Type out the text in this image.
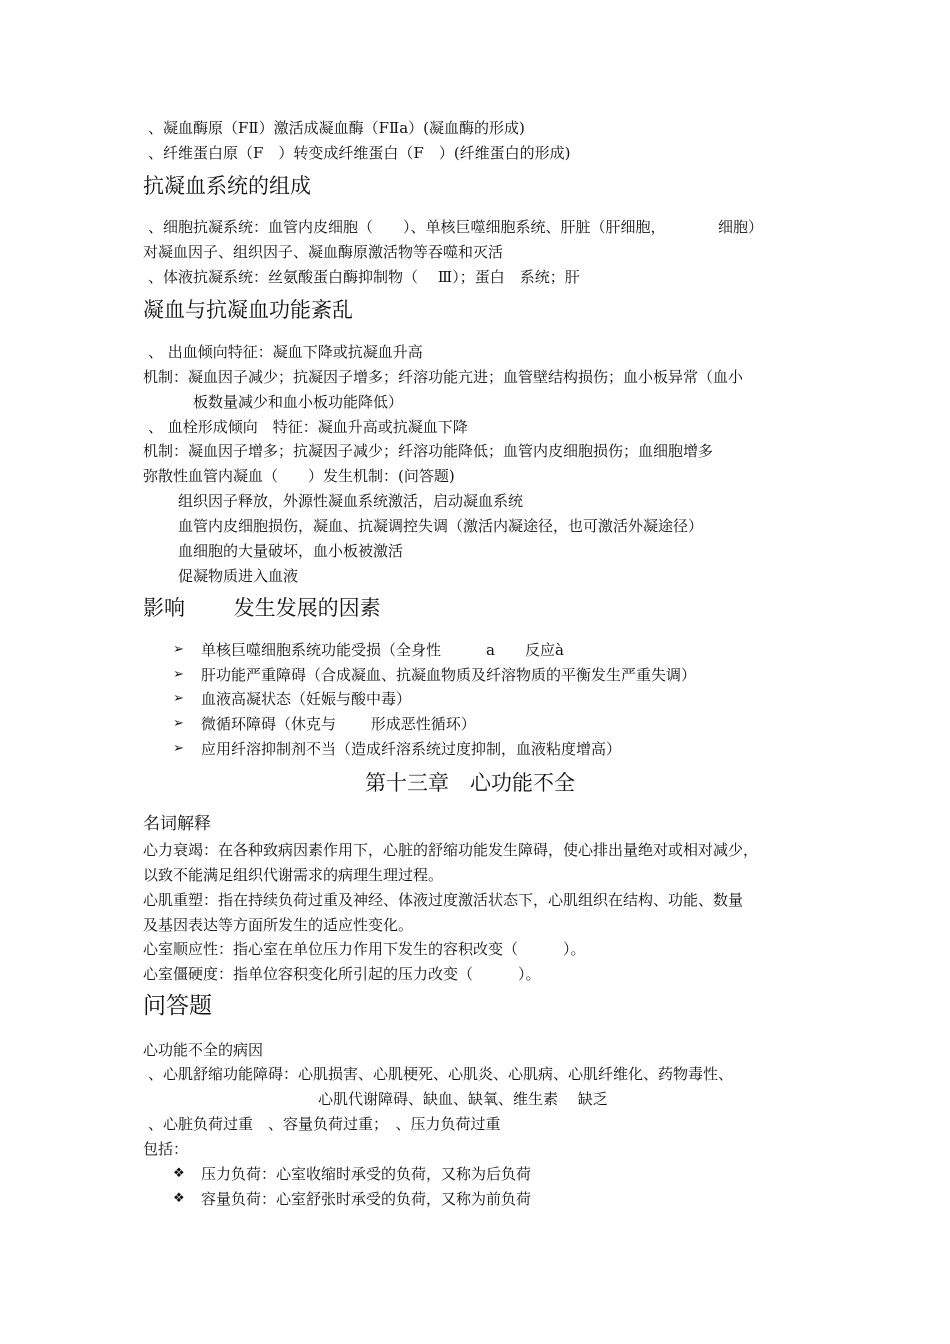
、凝血酶原（FⅡ）激活成凝血酶（FⅡa）(凝血酶的形成)
、纤维蛋白原（F　）转变成纤维蛋白（F　）(纤维蛋白的形成)
抗凝血系统的组成
、细胞抗凝系统：血管内皮细胞（　　）、单核巨噬细胞系统、肝脏（肝细胞，　　　　细胞）
对凝血因子、组织因子、凝血酶原激活物等吞噬和灭活
、体液抗凝系统：丝氨酸蛋白酶抑制物（　 Ⅲ）；蛋白　系统；肝
凝血与抗凝血功能紊乱
、 出血倾向特征：凝血下降或抗凝血升高
机制：凝血因子减少；抗凝因子增多；纤溶功能亢进；血管壁结构损伤；血小板异常（血小
板数量减少和血小板功能降低）
、 血栓形成倾向　特征：凝血升高或抗凝血下降
机制：凝血因子增多；抗凝因子减少；纤溶功能降低；血管内皮细胞损伤；血细胞增多
弥散性血管内凝血（　　）发生机制：(问答题)
组织因子释放，外源性凝血系统激活，启动凝血系统
血管内皮细胞损伤，凝血、抗凝调控失调（激活内凝途径，也可激活外凝途径）
血细胞的大量破坏，血小板被激活
促凝物质进入血液
影响　　 发生发展的因素
➢ 单核巨噬细胞系统功能受损（全身性　　　a　　反应à
➢ 肝功能严重障碍（合成凝血、抗凝血物质及纤溶物质的平衡发生严重失调）
➢ 血液高凝状态（妊娠与酸中毒）
➢ 微循环障碍（休克与　　 形成恶性循环）
➢ 应用纤溶抑制剂不当（造成纤溶系统过度抑制，血液粘度增高）
第十三章　心功能不全
名词解释
心力衰竭：在各种致病因素作用下，心脏的舒缩功能发生障碍，使心排出量绝对或相对减少，
以致不能满足组织代谢需求的病理生理过程。
心肌重塑：指在持续负荷过重及神经、体液过度激活状态下，心肌组织在结构、功能、数量
及基因表达等方面所发生的适应性变化。
心室顺应性：指心室在单位压力作用下发生的容积改变（　　　）。
心室僵硬度：指单位容积变化所引起的压力改变（　　　）。
问答题
心功能不全的病因
、心肌舒缩功能障碍：心肌损害、心肌梗死、心肌炎、心肌病、心肌纤维化、药物毒性、
心肌代谢障碍、缺血、缺氧、维生素　 缺乏
、心脏负荷过重　、容量负荷过重；　、压力负荷过重
包括：
❖ 压力负荷：心室收缩时承受的负荷，又称为后负荷
❖ 容量负荷：心室舒张时承受的负荷，又称为前负荷
